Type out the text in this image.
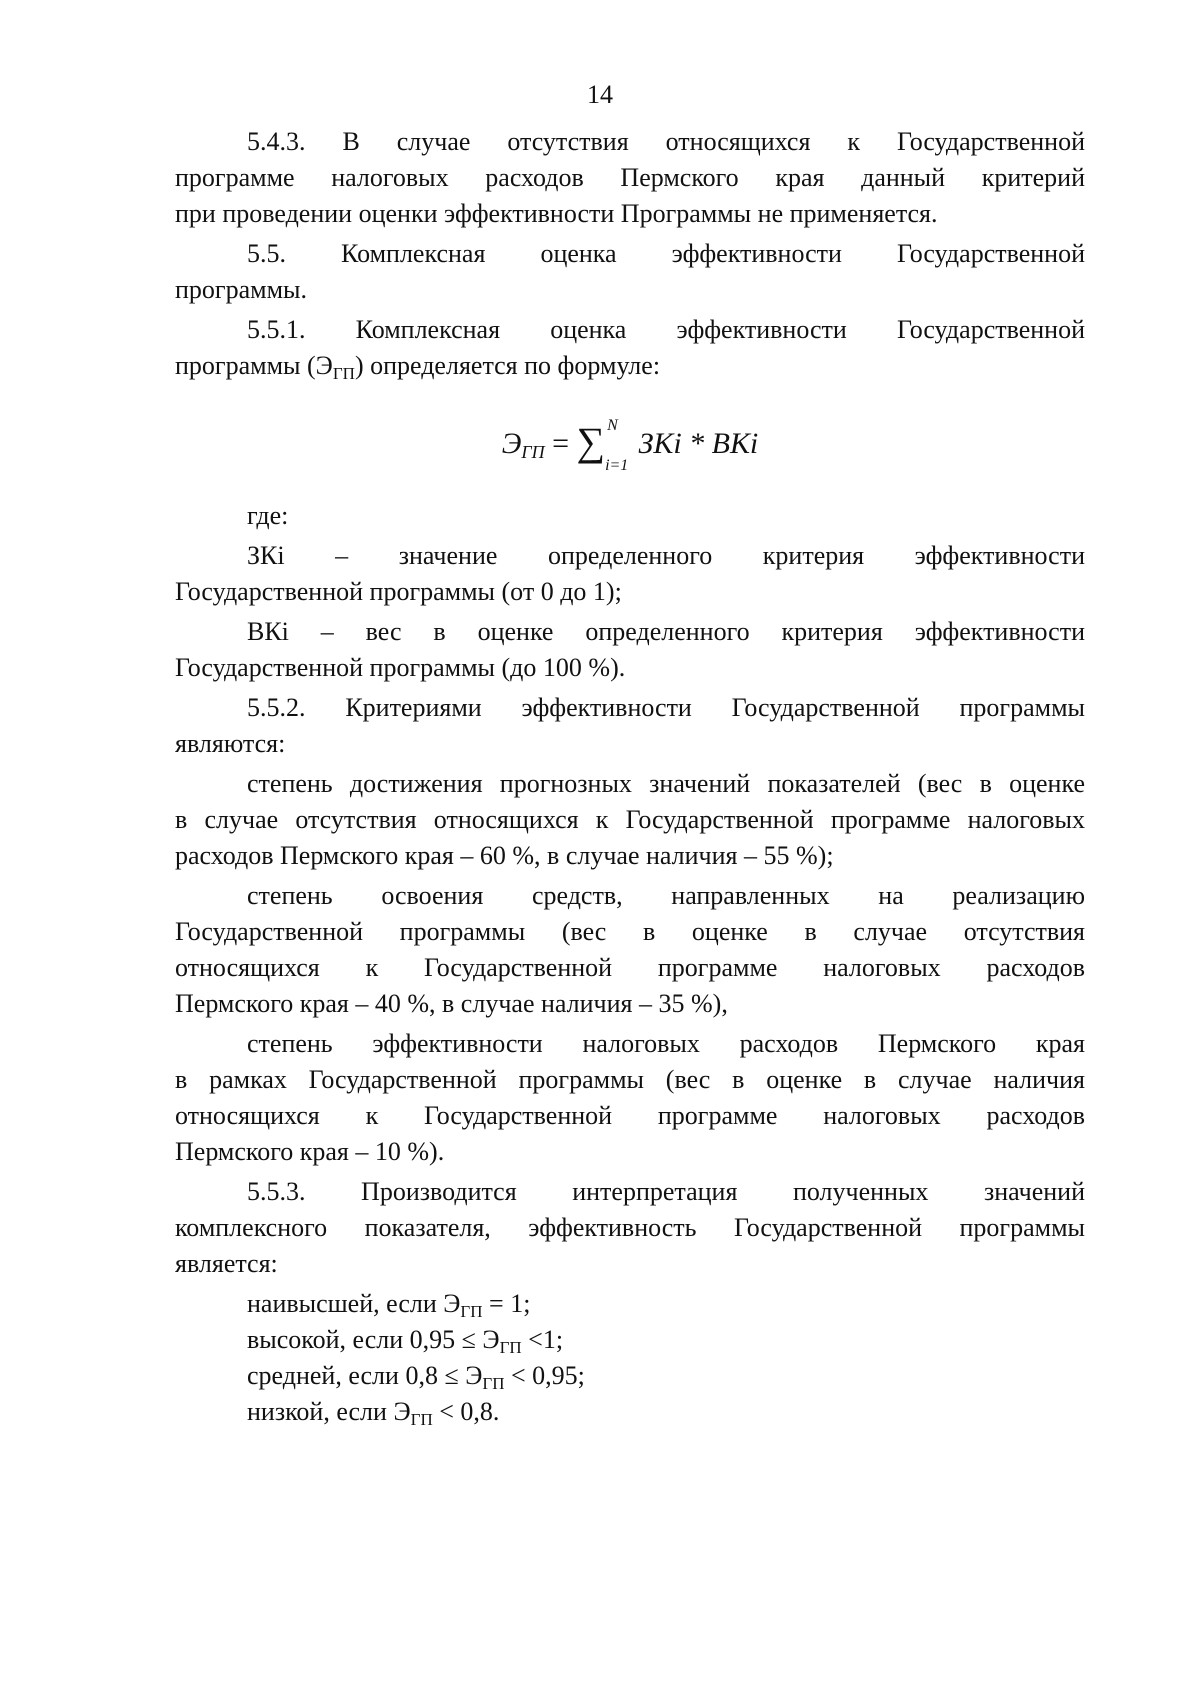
14

5.4.3. В случае отсутствия относящихся к Государственной

программе налоговых расходов Пермского края данный критерий

при проведении оценки эффективности Программы не применяется.

5.5. Комплексная оценка эффективности Государственной

программы.

5.5.1. Комплексная оценка эффективности Государственной

программы $(Э_{ГП})$ определяется по формуле:

$Э_{ГП}$ = ∑ N
i=1
ЗКi * ВКi

где:

ЗКi – значение определенного критерия эффективности

Государственной программы (от 0 до 1);

ВКi – вес в оценке определенного критерия эффективности

Государственной программы (до 100 %).

5.5.2. Критериями эффективности Государственной программы

являются:

степень достижения прогнозных значений показателей (вес в оценке

в случае отсутствия относящихся к Государственной программе налоговых

расходов Пермского края – 60 %, в случае наличия – 55 %);

степень освоения средств, направленных на реализацию

Государственной программы (вес в оценке в случае отсутствия

относящихся к Государственной программе налоговых расходов

Пермского края – 40 %, в случае наличия – 35 %),

степень эффективности налоговых расходов Пермского края

в рамках Государственной программы (вес в оценке в случае наличия

относящихся к Государственной программе налоговых расходов

Пермского края – 10 %).

5.5.3. Производится интерпретация полученных значений

комплексного показателя, эффективность Государственной программы

является:

наивысшей, если $Э_{ГП} = 1$;

высокой, если $0,95 \le Э_{ГП} <1$;

средней, если $0,8 \le Э_{ГП} < 0,95$;

низкой, если $Э_{ГП} < 0,8$.
